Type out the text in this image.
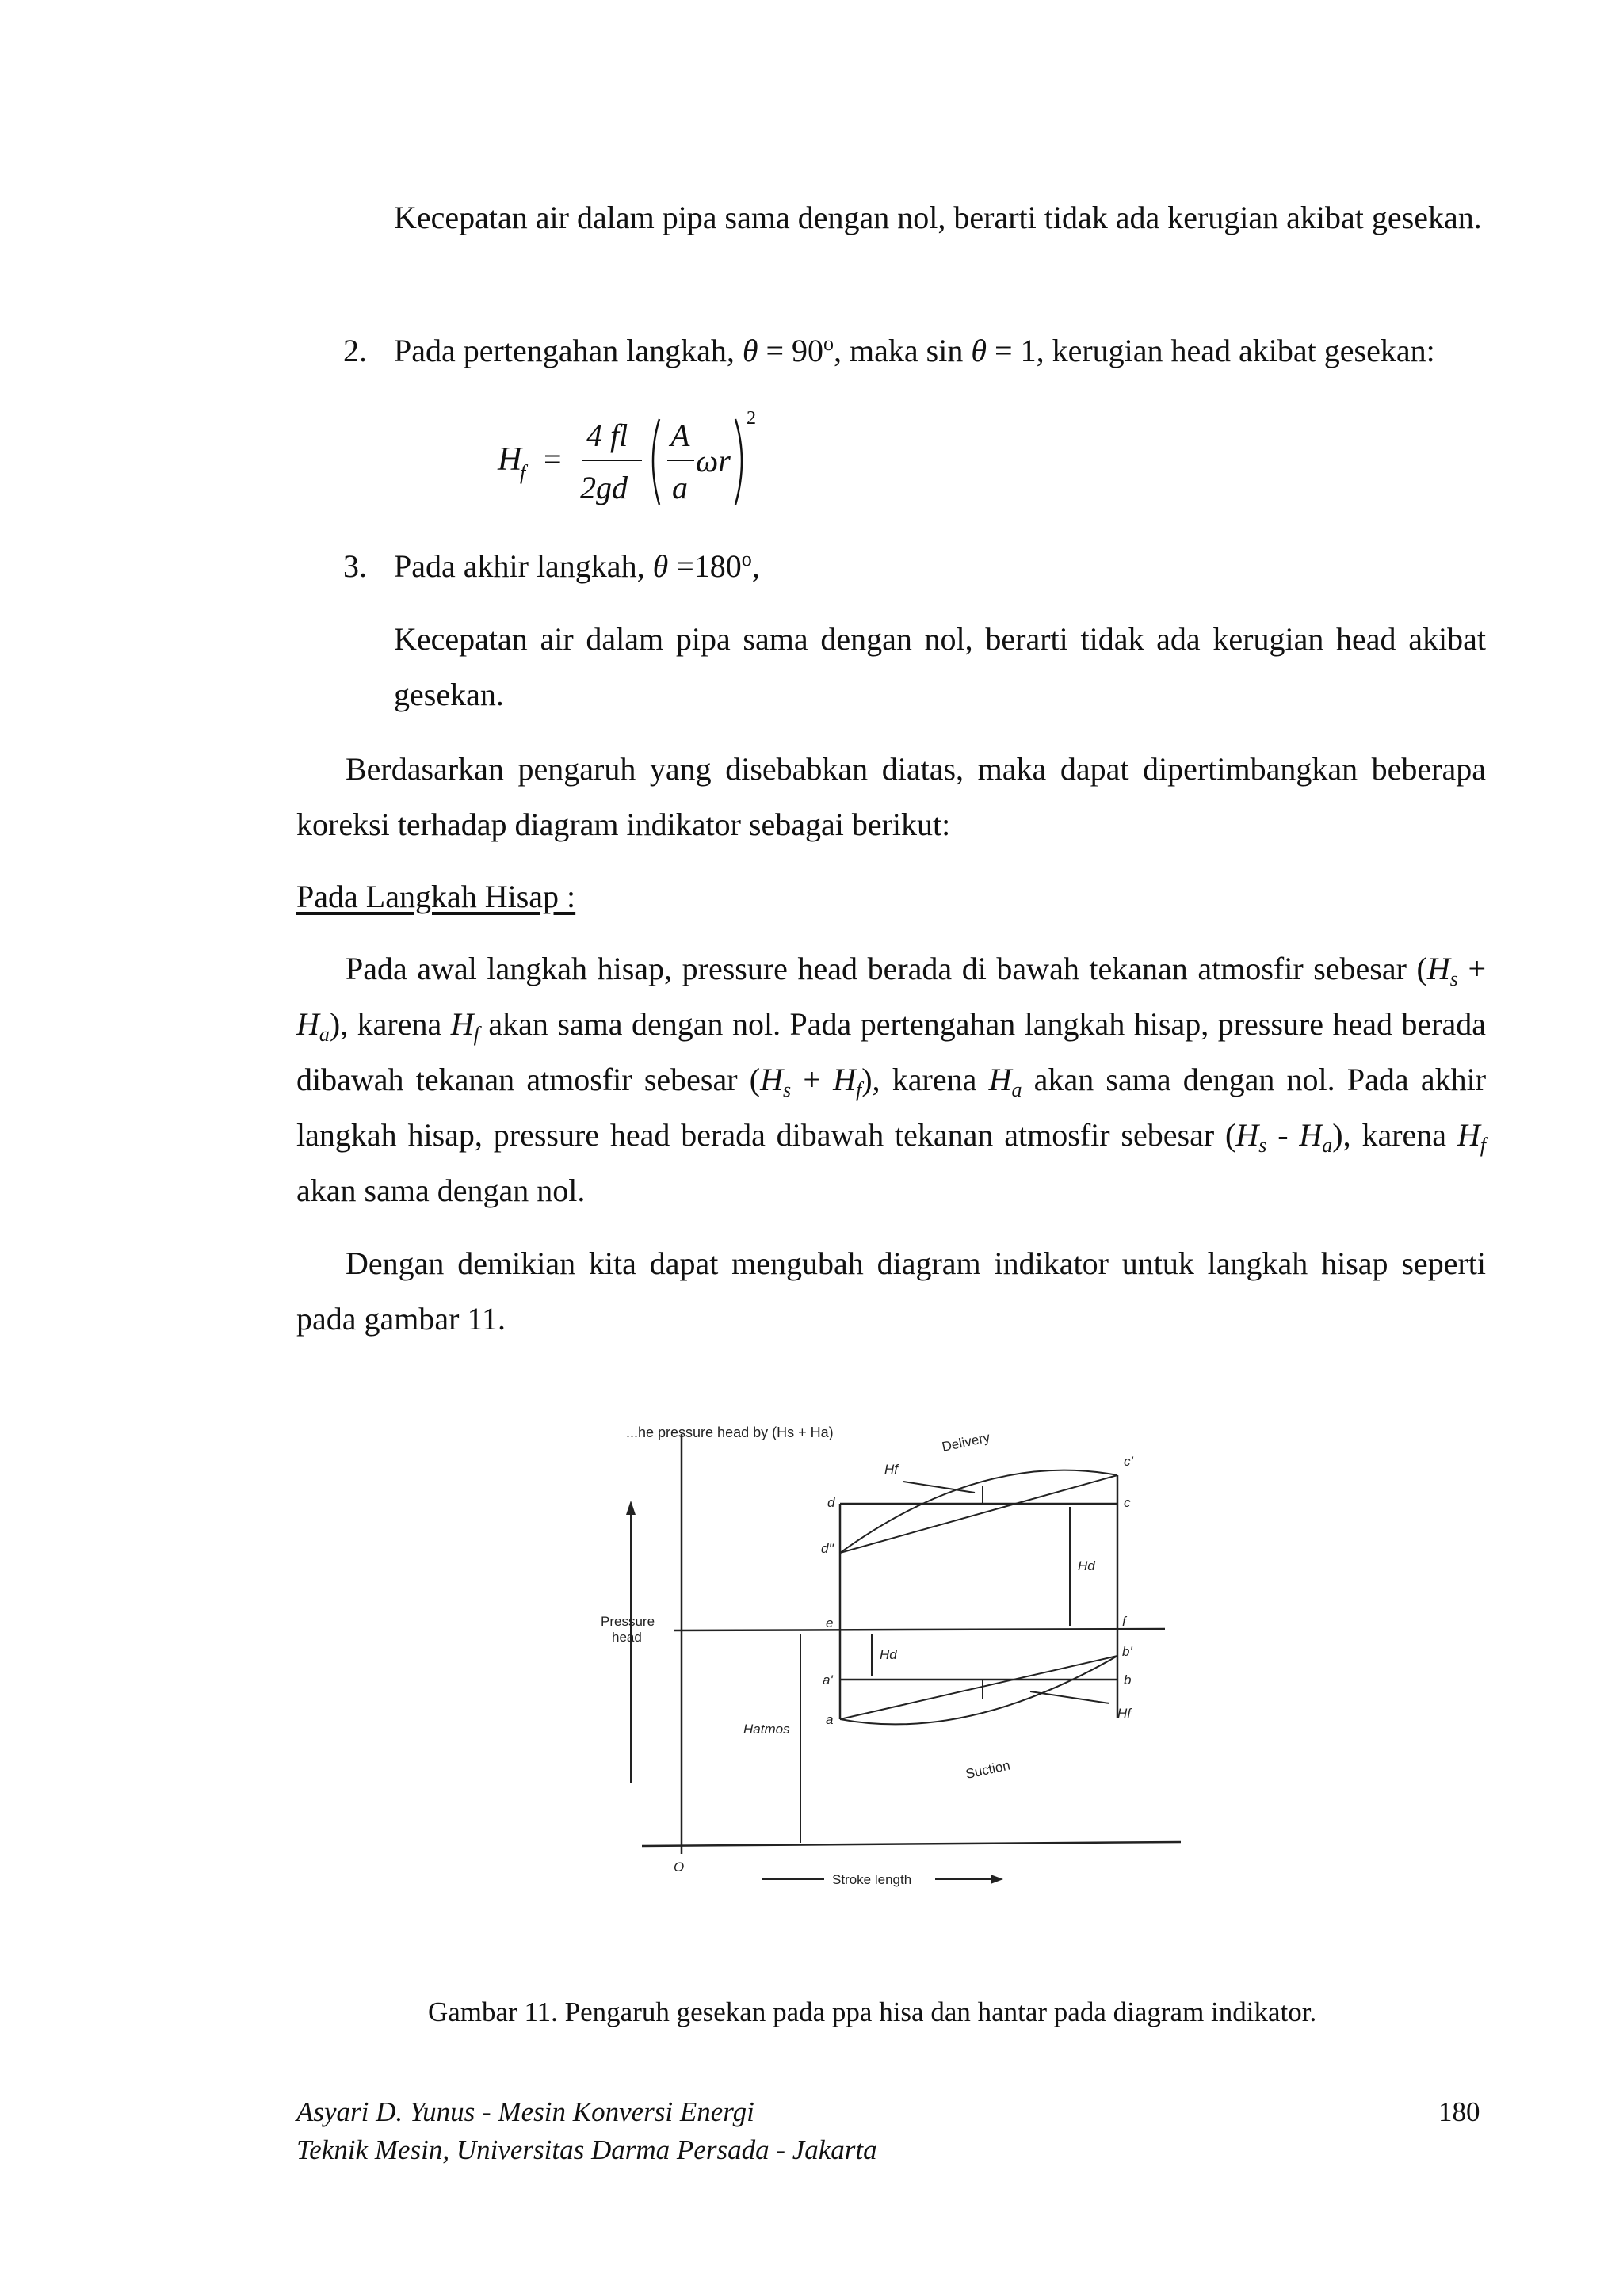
Kecepatan air dalam pipa sama dengan nol, berarti tidak ada kerugian akibat gesekan.

2. Pada pertengahan langkah, $\theta = 90^o$, maka sin θ = 1, kerugian head akibat gesekan:
H
f =
4 fl
2gd
A
a
ωr
2
3. Pada akhir langkah, $\theta =180^o$,

Kecepatan air dalam pipa sama dengan nol, berarti tidak ada kerugian head akibat gesekan.

Berdasarkan pengaruh yang disebabkan diatas, maka dapat dipertimbangkan beberapa koreksi terhadap diagram indikator sebagai berikut:

Pada Langkah Hisap :

Pada awal langkah hisap, pressure head berada di bawah tekanan atmosfir sebesar $(H_s + H_a)$, karena $H_f$ akan sama dengan nol. Pada pertengahan langkah hisap, pressure head berada dibawah tekanan atmosfir sebesar $(H_s + H_f)$, karena $H_a$ akan sama dengan nol. Pada akhir langkah hisap, pressure head berada dibawah tekanan atmosfir sebesar $(H_s - H_a)$, karena $H_f$ akan sama dengan nol.

Dengan demikian kita dapat mengubah diagram indikator untuk langkah hisap seperti pada gambar 11.

...he pressure head by (Hs + Ha)	Delivery
Suction
Pressure
head
Hf
Hf
Hd
Hd
Hatmos
Stroke length
O
d
d''
c
c'
e	f
a'
a
b
b'
Gambar 11. Pengaruh gesekan pada ppa hisa dan hantar pada diagram indikator.
Asyari D. Yunus - Mesin Konversi Energi
Teknik Mesin, Universitas Darma Persada - Jakarta
180
